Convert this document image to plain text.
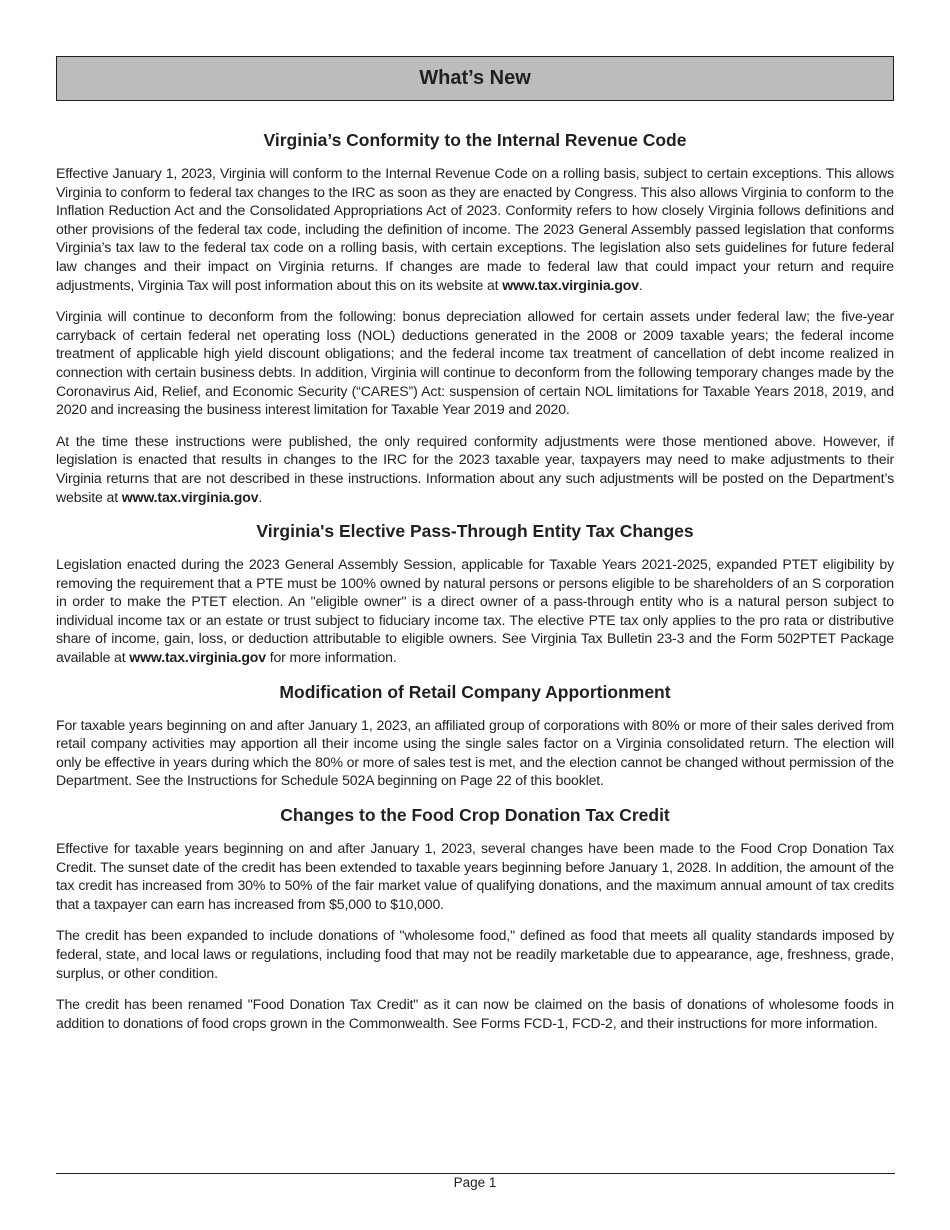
What’s New
Virginia’s Conformity to the Internal Revenue Code

Effective January 1, 2023, Virginia will conform to the Internal Revenue Code on a rolling basis, subject to certain exceptions. This allows Virginia to conform to federal tax changes to the IRC as soon as they are enacted by Congress. This also allows Virginia to conform to the Inflation Reduction Act and the Consolidated Appropriations Act of 2023. Conformity refers to how closely Virginia follows definitions and other provisions of the federal tax code, including the definition of income. The 2023 General Assembly passed legislation that conforms Virginia’s tax law to the federal tax code on a rolling basis, with certain exceptions. The legislation also sets guidelines for future federal law changes and their impact on Virginia returns. If changes are made to federal law that could impact your return and require adjustments, Virginia Tax will post information about this on its website at www.tax.virginia.gov.

Virginia will continue to deconform from the following: bonus depreciation allowed for certain assets under federal law; the five-year carryback of certain federal net operating loss (NOL) deductions generated in the 2008 or 2009 taxable years; the federal income treatment of applicable high yield discount obligations; and the federal income tax treatment of cancellation of debt income realized in connection with certain business debts. In addition, Virginia will continue to deconform from the following temporary changes made by the Coronavirus Aid, Relief, and Economic Security (“CARES”) Act: suspension of certain NOL limitations for Taxable Years 2018, 2019, and 2020 and increasing the business interest limitation for Taxable Year 2019 and 2020.

At the time these instructions were published, the only required conformity adjustments were those mentioned above. However, if legislation is enacted that results in changes to the IRC for the 2023 taxable year, taxpayers may need to make adjustments to their Virginia returns that are not described in these instructions. Information about any such adjustments will be posted on the Department’s website at www.tax.virginia.gov.

Virginia's Elective Pass-Through Entity Tax Changes

Legislation enacted during the 2023 General Assembly Session, applicable for Taxable Years 2021-2025, expanded PTET eligibility by removing the requirement that a PTE must be 100% owned by natural persons or persons eligible to be shareholders of an S corporation in order to make the PTET election. An "eligible owner" is a direct owner of a pass-through entity who is a natural person subject to individual income tax or an estate or trust subject to fiduciary income tax. The elective PTE tax only applies to the pro rata or distributive share of income, gain, loss, or deduction attributable to eligible owners. See Virginia Tax Bulletin 23-3 and the Form 502PTET Package available at www.tax.virginia.gov for more information.

Modification of Retail Company Apportionment

For taxable years beginning on and after January 1, 2023, an affiliated group of corporations with 80% or more of their sales derived from retail company activities may apportion all their income using the single sales factor on a Virginia consolidated return. The election will only be effective in years during which the 80% or more of sales test is met, and the election cannot be changed without permission of the Department. See the Instructions for Schedule 502A beginning on Page 22 of this booklet.

Changes to the Food Crop Donation Tax Credit

Effective for taxable years beginning on and after January 1, 2023, several changes have been made to the Food Crop Donation Tax Credit. The sunset date of the credit has been extended to taxable years beginning before January 1, 2028. In addition, the amount of the tax credit has increased from 30% to 50% of the fair market value of qualifying donations, and the maximum annual amount of tax credits that a taxpayer can earn has increased from $5,000 to $10,000.

The credit has been expanded to include donations of "wholesome food," defined as food that meets all quality standards imposed by federal, state, and local laws or regulations, including food that may not be readily marketable due to appearance, age, freshness, grade, surplus, or other condition.

The credit has been renamed "Food Donation Tax Credit" as it can now be claimed on the basis of donations of wholesome foods in addition to donations of food crops grown in the Commonwealth. See Forms FCD-1, FCD-2, and their instructions for more information.

Page 1
